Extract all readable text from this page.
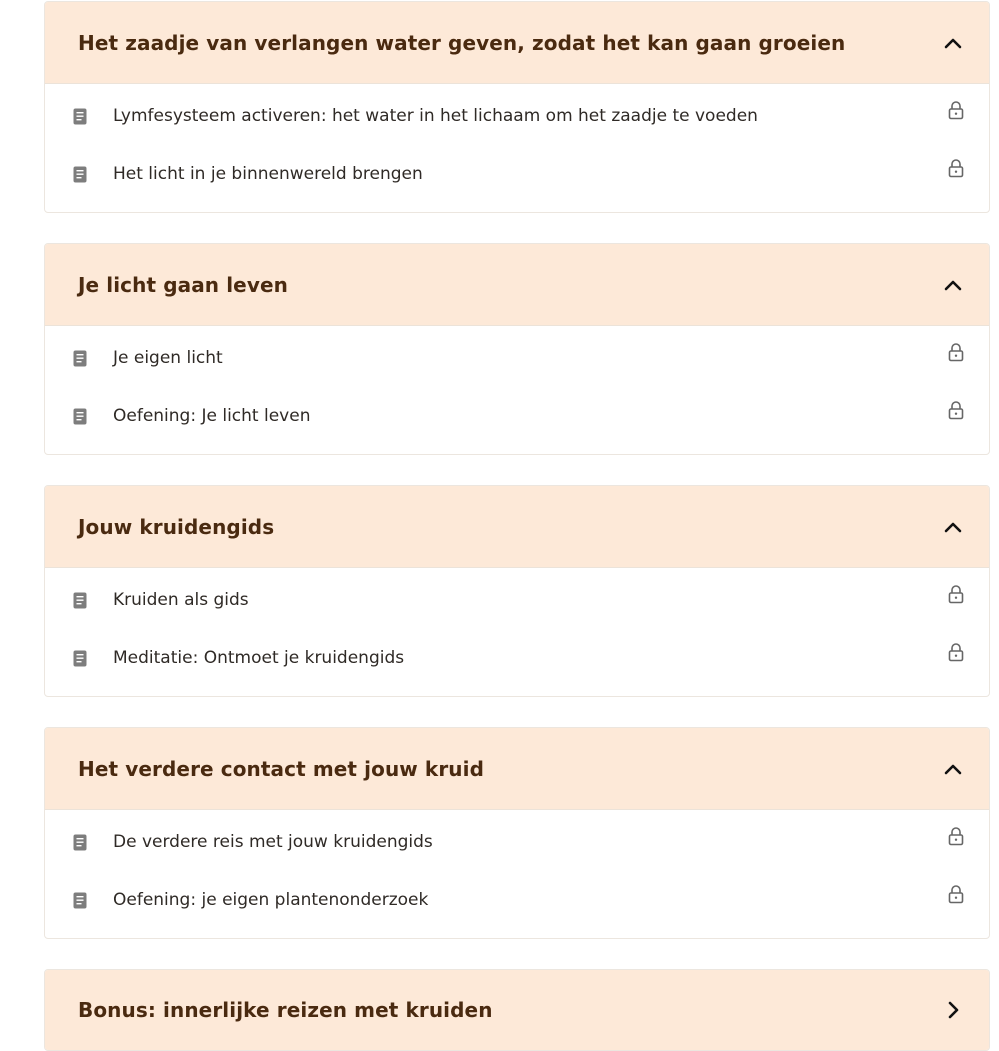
Het zaadje van verlangen water geven, zodat het kan gaan groeien
Lymfesysteem activeren: het water in het lichaam om het zaadje te voeden
Het licht in je binnenwereld brengen
Je licht gaan leven
Je eigen licht
Oefening: Je licht leven
Jouw kruidengids
Kruiden als gids
Meditatie: Ontmoet je kruidengids
Het verdere contact met jouw kruid
De verdere reis met jouw kruidengids
Oefening: je eigen plantenonderzoek
Bonus: innerlijke reizen met kruiden
